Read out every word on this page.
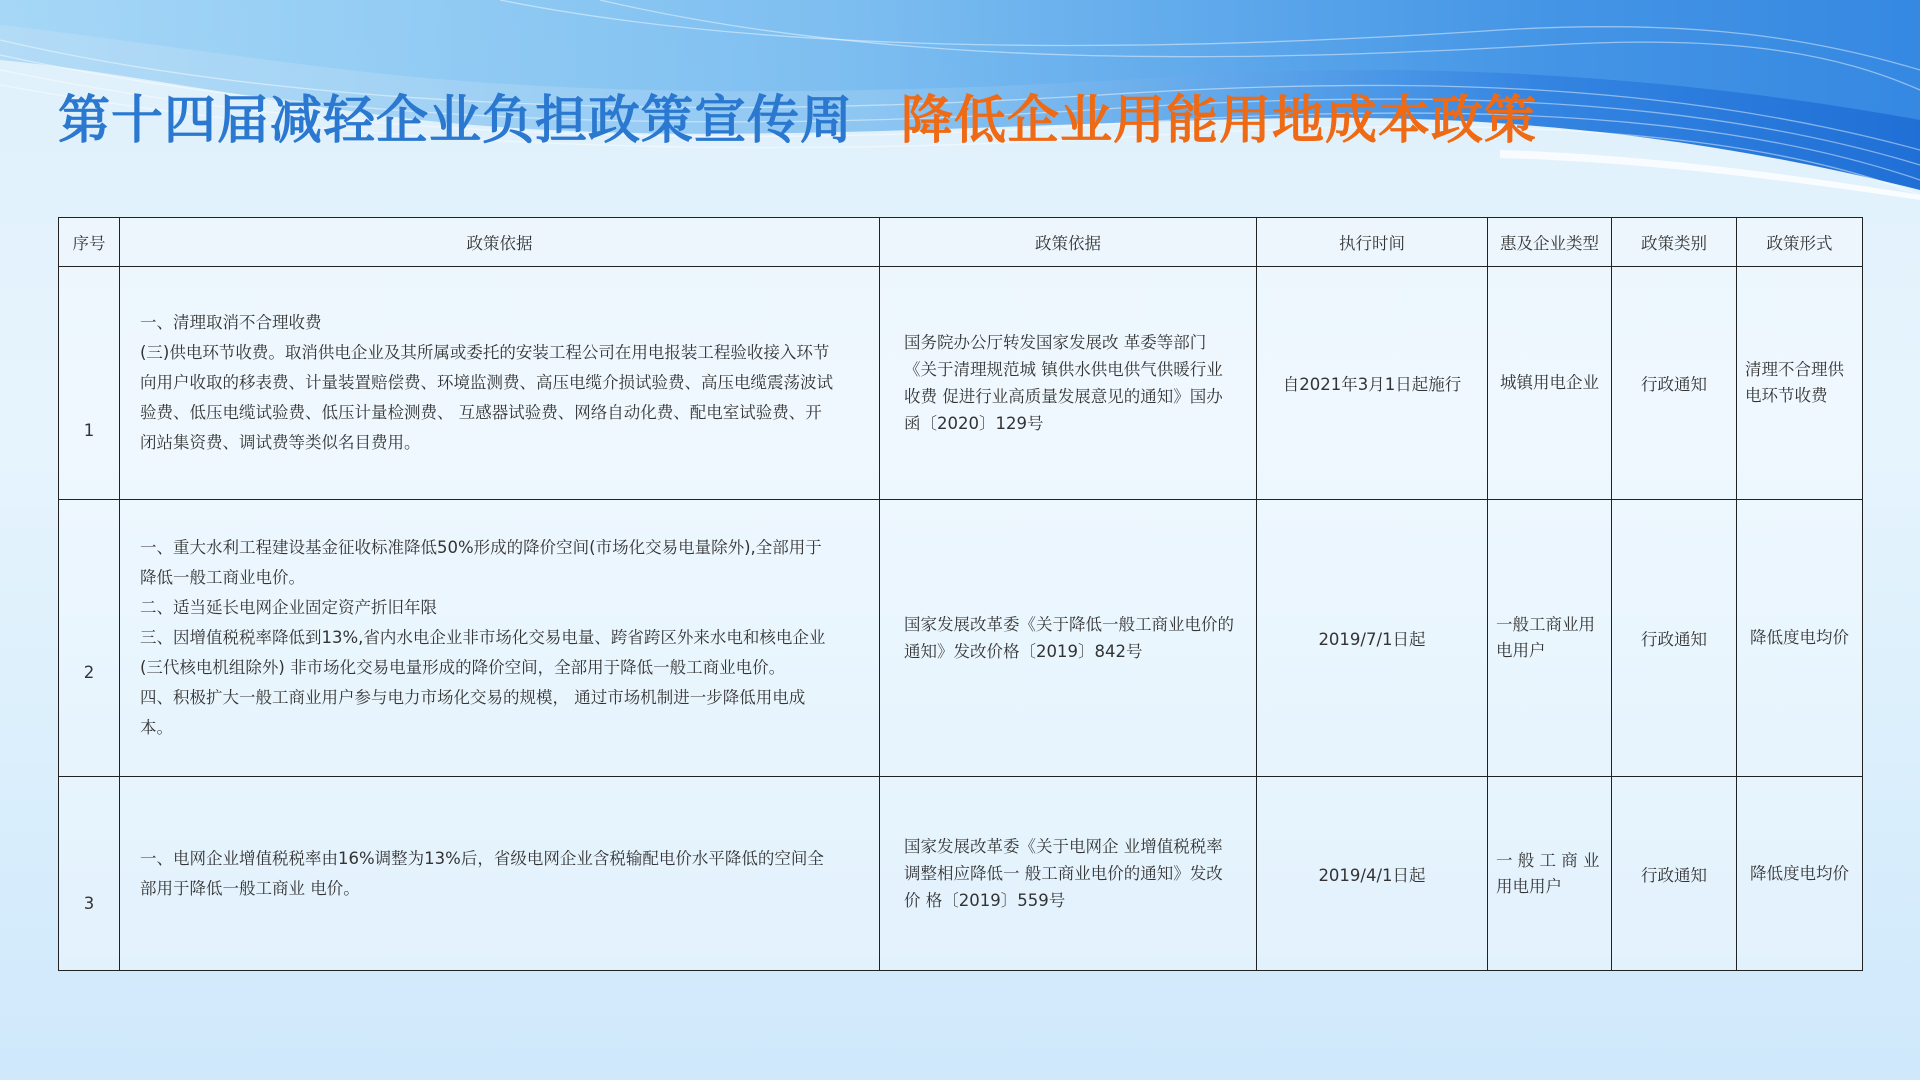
第十四届减轻企业负担政策宣传周 降低企业用能用地成本政策
序号	政策依据	政策依据	执行时间	惠及企业类型	政策类别	政策形式
1	一、清理取消不合理收费

(三)供电环节收费。取消供电企业及其所属或委托的安装工程公司在用电报装工程验收接入环节向用户收取的移表费、计量装置赔偿费、环境监测费、高压电缆介损试验费、高压电缆震荡波试验费、低压电缆试验费、低压计量检测费、 互感器试验费、网络自动化费、配电室试验费、开闭站集资费、调试费等类似名目费用。	国务院办公厅转发国家发展改 革委等部门《关于清理规范城 镇供水供电供气供暖行业收费 促进行业高质量发展意见的通知》国办函〔2020〕129号	自2021年3月1日起施行	城镇用电企业	行政通知	清理不合理供电环节收费
2	一、重大水利工程建设基金征收标准降低50%形成的降价空间(市场化交易电量除外),全部用于降低一般工商业电价。

二、适当延长电网企业固定资产折旧年限

三、因增值税税率降低到13%,省内水电企业非市场化交易电量、跨省跨区外来水电和核电企业(三代核电机组除外) 非市场化交易电量形成的降价空间，全部用于降低一般工商业电价。

四、积极扩大一般工商业用户参与电力市场化交易的规模， 通过市场机制进一步降低用电成本。	国家发展改革委《关于降低一般工商业电价的通知》发改价格〔2019〕842号	2019/7/1日起	一般工商业用电用户	行政通知	降低度电均价
3	一、电网企业增值税税率由16%调整为13%后，省级电网企业含税输配电价水平降低的空间全部用于降低一般工商业 电价。	国家发展改革委《关于电网企 业增值税税率调整相应降低一 般工商业电价的通知》发改价 格〔2019〕559号	2019/4/1日起	一 般 工 商 业 用电用户	行政通知	降低度电均价
